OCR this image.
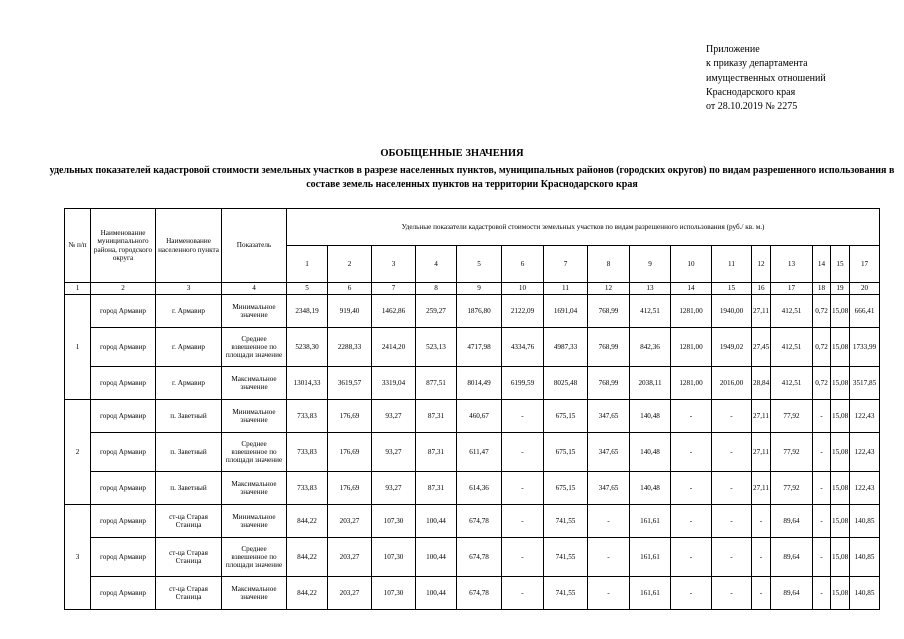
Приложение
к приказу департамента
имущественных отношений
Краснодарского края
от 28.10.2019 № 2275
ОБОБЩЕННЫЕ ЗНАЧЕНИЯ
удельных показателей кадастровой стоимости земельных участков в разрезе населенных пунктов, муниципальных районов (городских округов) по видам разрешенного использования в составе земель населенных пунктов на территории Краснодарского края
№ п/п	Наименование муниципального района, городского округа	Наименование населенного пункта	Показатель	Удельные показатели кадастровой стоимости земельных участков по видам разрешенного использования (руб./ кв. м.)															
				1	2	3	4	5	6	7	8	9	10	11	12	13	14	15	17
1	2	3	4	5	6	7	8	9	10	11	12	13	14	15	16	17	18	19	20
1	город Армавир	г. Армавир	Минимальное значение	2348,19	919,40	1462,86	259,27	1876,80	2122,09	1691,04	768,99	412,51	1281,00	1940,00	27,11	412,51	0,72	15,08	666,41
	город Армавир	г. Армавир	Среднее взвешенное по площади значение	5238,30	2288,33	2414,20	523,13	4717,98	4334,76	4987,33	768,99	842,36	1281,00	1949,02	27,45	412,51	0,72	15,08	1733,99
	город Армавир	г. Армавир	Максимальное значение	13014,33	3619,57	3319,04	877,51	8014,49	6199,59	8025,48	768,99	2038,11	1281,00	2016,00	28,84	412,51	0,72	15,08	3517,85
2	город Армавир	п. Заветный	Минимальное значение	733,83	176,69	93,27	87,31	460,67	-	675,15	347,65	140,48	-	-	27,11	77,92	-	15,08	122,43
	город Армавир	п. Заветный	Среднее взвешенное по площади значение	733,83	176,69	93,27	87,31	611,47	-	675,15	347,65	140,48	-	-	27,11	77,92	-	15,08	122,43
	город Армавир	п. Заветный	Максимальное значение	733,83	176,69	93,27	87,31	614,36	-	675,15	347,65	140,48	-	-	27,11	77,92	-	15,08	122,43
3	город Армавир	ст-ца Старая Станица	Минимальное значение	844,22	203,27	107,30	100,44	674,78	-	741,55	-	161,61	-	-	-	89,64	-	15,08	140,85
	город Армавир	ст-ца Старая Станица	Среднее взвешенное по площади значение	844,22	203,27	107,30	100,44	674,78	-	741,55	-	161,61	-	-	-	89,64	-	15,08	140,85
	город Армавир	ст-ца Старая Станица	Максимальное значение	844,22	203,27	107,30	100,44	674,78	-	741,55	-	161,61	-	-	-	89,64	-	15,08	140,85
